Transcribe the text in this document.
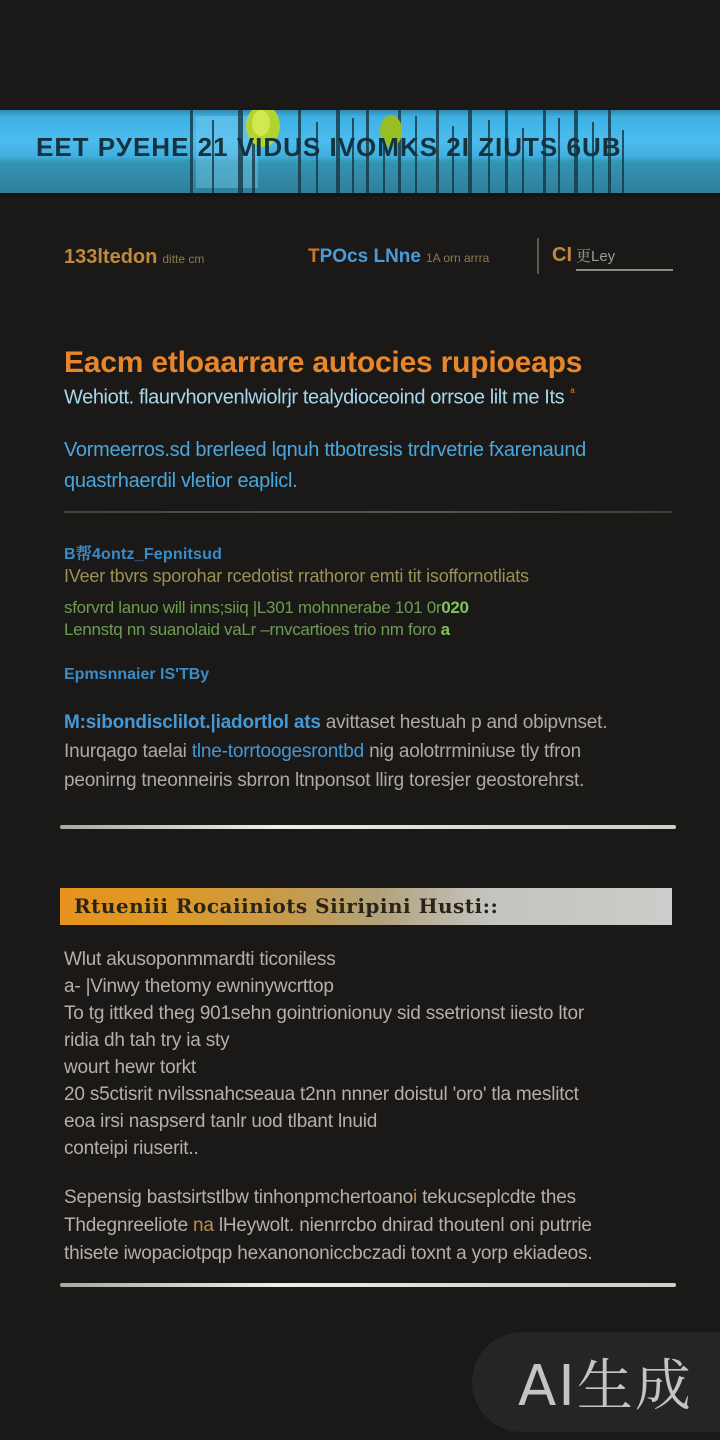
ЕЕТ РУЕНЕ 21 VIDUS IVOMKS 2I ZIUTS 6UB
133ltedon ditte cm	TPOcs LNne 1A orn arrra	CI 更Ley
Eacm etloaarrare autocies rupioeaps

Wehiott. flaurvhorvenlwiolrjr tealydioceoind orrsoe lilt me Its $^ᵃ$

Vormeerros.sd brerleed lqnuh ttbotresis trdrvetrie fxarenaund
quastrhaerdil vletior eaplicl.

B帮4ontz_Fepnitsud

IVeer tbvrs sporohar rcedotist rrathoror emti tit isoffornotliats

sforvrd lanuo will inns;siiq |L301 mohnnerabe 101 0r020
Lennstq nn suanolaid vaLr –rnvcartioes trio nm foro a

Epmsnnaier IS'TBy

M:sibondisclilot.|iadortlol ats avittaset hestuah p and obipvnset.
Inurqago taelai tlne-torrtoogesrontbd nig aolotrrminiuse tly tfron
peonirng tneonneiris sbrron ltnponsot llirg toresjer geostorehrst.

Rtueniii Rocaiiniots Siiripini Husti::
Wlut akusoponmmardti ticoniless
a- |Vinwy thetomy ewninywcrttop
To tg ittked theg 901sehn gointrionionuy sid ssetrionst iiesto ltor
ridia dh tah try ia sty
wourt hewr torkt
20 s5ctisrit nvilssnahcseaua t2nn nnner doistul 'oro' tla meslitct
eoa irsi naspserd tanlr uod tlbant lnuid
conteipi riuserit..

Sepensig bastsirtstlbw tinhonpmchertoanoi tekucseplcdte thes
Thdegnreeliote na lHeywolt. nienrrcbo dnirad thoutenl oni putrrie
thisete iwopaciotpqp hexanononiccbczadi toxnt a yorp ekiadeos.

AI生成
